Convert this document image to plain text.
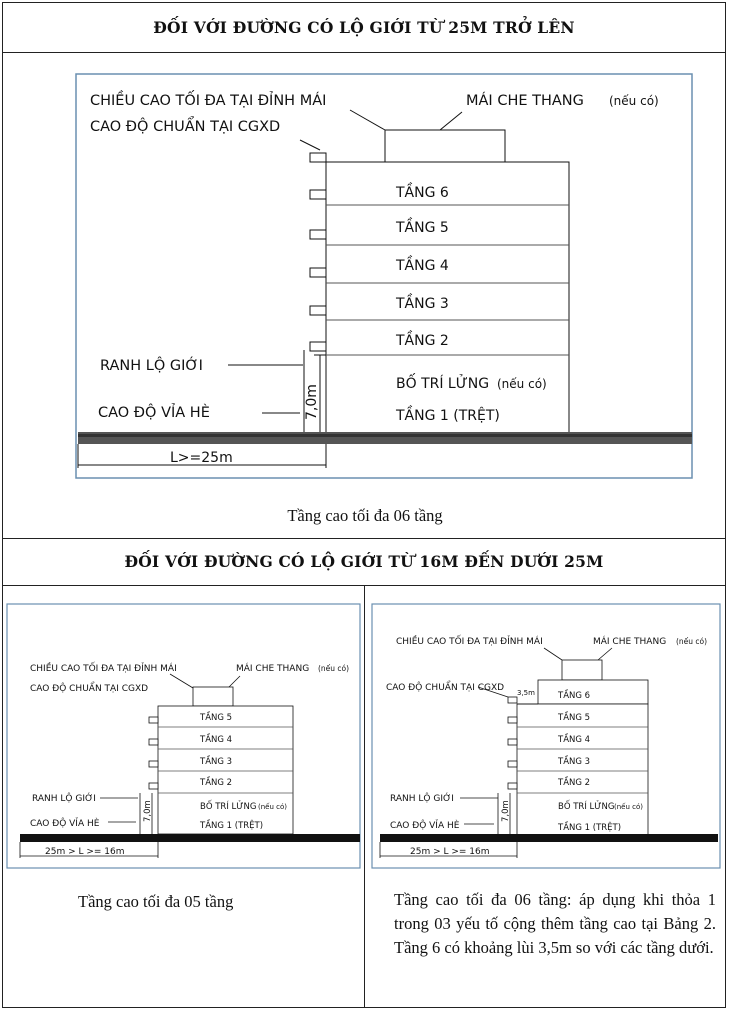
ĐỐI VỚI ĐƯỜNG CÓ LỘ GIỚI TỪ 25M TRỞ LÊN
ĐỐI VỚI ĐƯỜNG CÓ LỘ GIỚI TỪ 16M ĐẾN DƯỚI 25M
CHIỀU CAO TỐI ĐA TẠI ĐỈNH MÁI
CAO ĐỘ CHUẨN TẠI CGXD
MÁI CHE THANG (nếu có)
TẦNG 6
TẦNG 5
TẦNG 4
TẦNG 3
TẦNG 2
BỐ TRÍ LỬNG (nếu có)
TẦNG 1 (TRỆT)
RANH LỘ GIỚI
CAO ĐỘ VỈA HÈ	7,0m
L>=25m
Tầng cao tối đa 06 tầng
CHIỀU CAO TỐI ĐA TẠI ĐỈNH MÁI	MÁI CHE THANG (nếu có)
CAO ĐỘ CHUẨN TẠI CGXD
TẦNG 5
TẦNG 4
TẦNG 3
TẦNG 2
BỐ TRÍ LỬNG (nếu có)
TẦNG 1 (TRỆT)
RANH LỘ GIỚI
CAO ĐỘ VỈA HÈ
7,0m
25m > L >= 16m
CHIỀU CAO TỐI ĐA TẠI ĐỈNH MÁI	MÁI CHE THANG (nếu có)
CAO ĐỘ CHUẨN TẠI CGXD 3,5m	TẦNG 6
TẦNG 5
TẦNG 4
TẦNG 3
TẦNG 2
BỐ TRÍ LỬNG (nếu có)
TẦNG 1 (TRỆT)
RANH LỘ GIỚI
CAO ĐỘ VỈA HÈ
7,0m
25m > L >= 16m
Tầng cao tối đa 05 tầng	Tầng cao tối đa 06 tầng: áp dụng khi thỏa 1 trong 03 yếu tố cộng thêm tầng cao tại Bảng 2. Tầng 6 có khoảng lùi 3,5m so với các tầng dưới.
